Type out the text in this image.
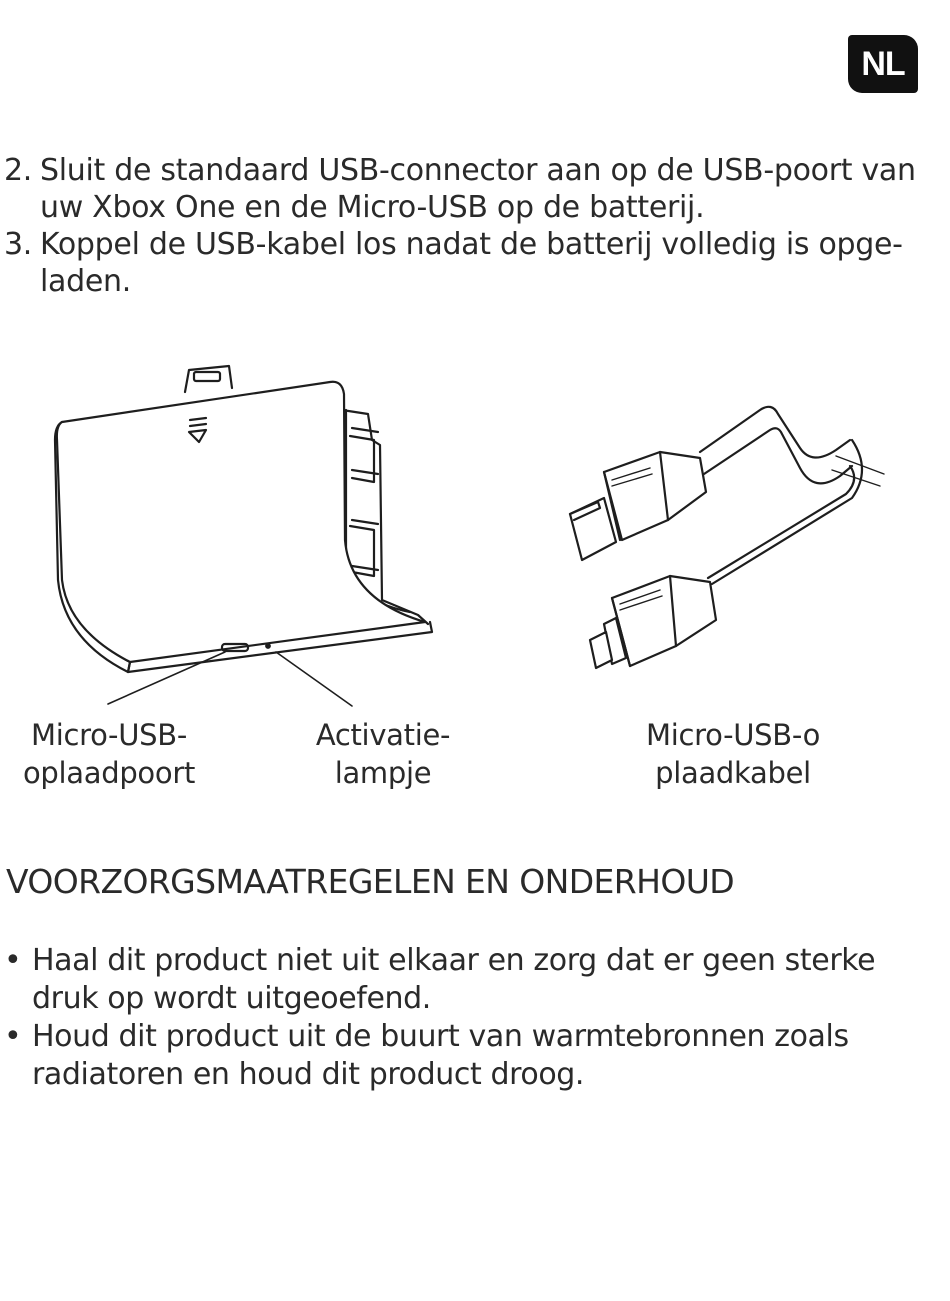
NL
2. Sluit de standaard USB-connector aan op de USB-poort van
uw Xbox One en de Micro-USB op de batterij.
3. Koppel de USB-kabel los nadat de batterij volledig is opge-
laden.
Micro-USB-
oplaadpoort
Activatie-
lampje
Micro-USB-o
plaadkabel
VOORZORGSMAATREGELEN EN ONDERHOUD
• Haal dit product niet uit elkaar en zorg dat er geen sterke
druk op wordt uitgeoefend.
• Houd dit product uit de buurt van warmtebronnen zoals
radiatoren en houd dit product droog.
